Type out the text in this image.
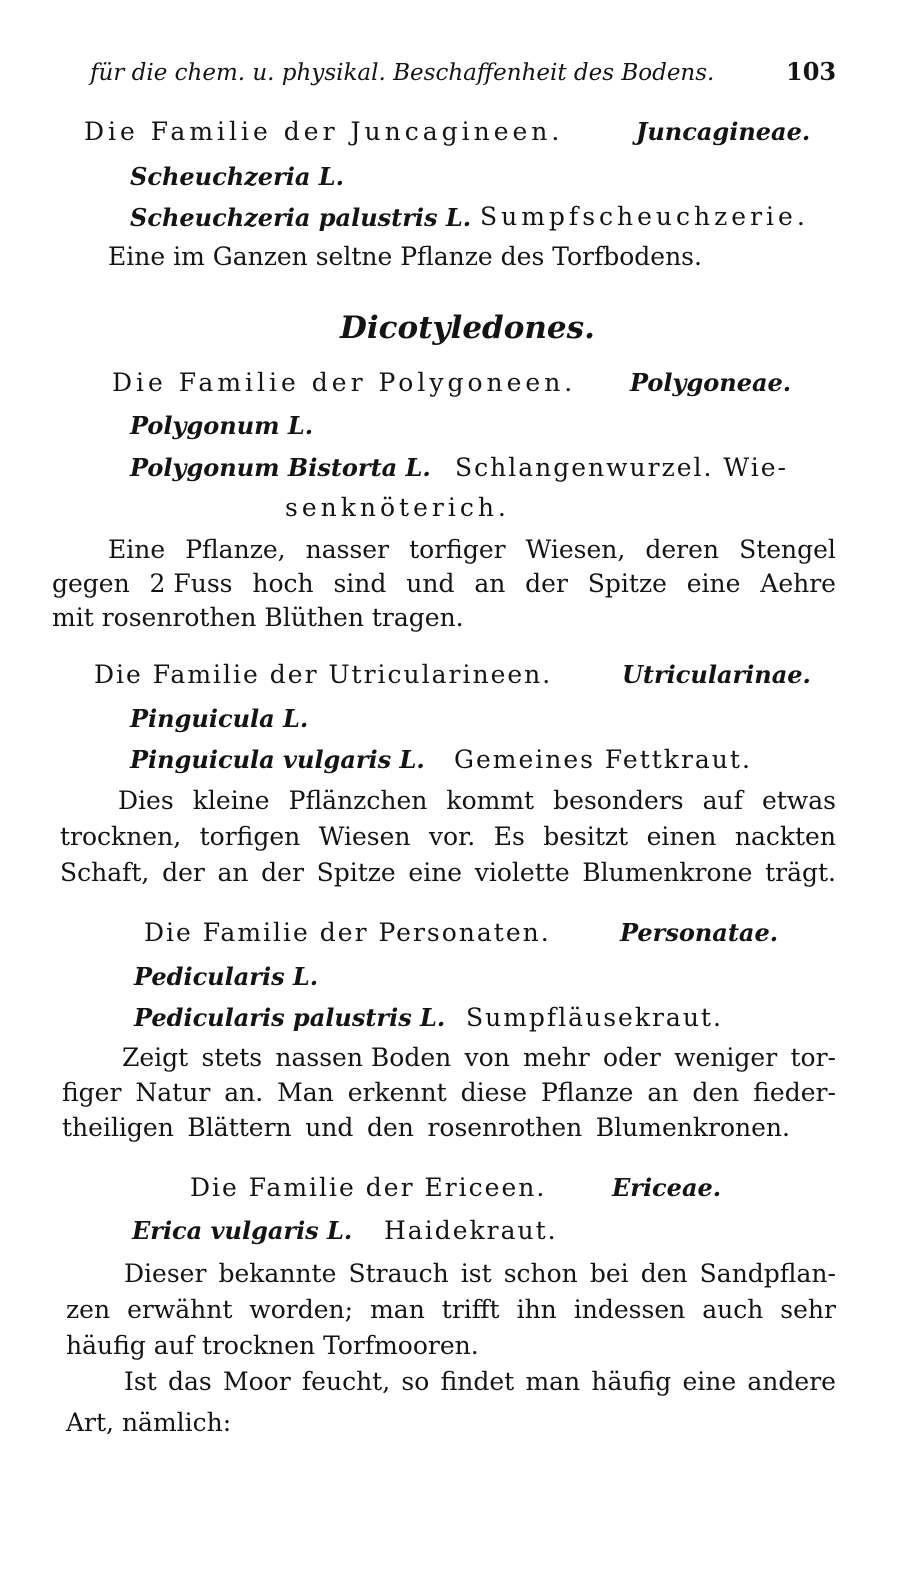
für die chem. u. physikal. Beschaffenheit des Bodens.	103
Die Familie der Juncagineen.	Juncagineae.
Scheuchzeria L.
Scheuchzeria palustris L. Sumpfscheuchzerie.
Eine im Ganzen seltne Pflanze des Torfbodens.
Dicotyledones.
Die Familie der Polygoneen. Polygoneae.
Polygonum L.
Polygonum Bistorta L. Schlangenwurzel. Wie-
senknöterich.
Eine Pflanze, nasser torfiger Wiesen, deren Stengel
gegen 2 Fuss hoch sind und an der Spitze eine Aehre
mit rosenrothen Blüthen tragen.
Die Familie der Utricularineen.	Utricularinae.
Pinguicula L.
Pinguicula vulgaris L. Gemeines Fettkraut.
Dies kleine Pflänzchen kommt besonders auf etwas
trocknen, torfigen Wiesen vor. Es besitzt einen nackten
Schaft, der an der Spitze eine violette Blumenkrone trägt.
Die Familie der Personaten.	Personatae.
Pedicularis L.
Pedicularis palustris L. Sumpfläusekraut.
Zeigt stets nassen Boden von mehr oder weniger tor-
figer Natur an. Man erkennt diese Pflanze an den fieder-
theiligen Blättern und den rosenrothen Blumenkronen.
Die Familie der Ericeen.	Ericeae.
Erica vulgaris L. Haidekraut.
Dieser bekannte Strauch ist schon bei den Sandpflan-
zen erwähnt worden; man trifft ihn indessen auch sehr
häufig auf trocknen Torfmooren.
Ist das Moor feucht, so findet man häufig eine andere
Art, nämlich:
